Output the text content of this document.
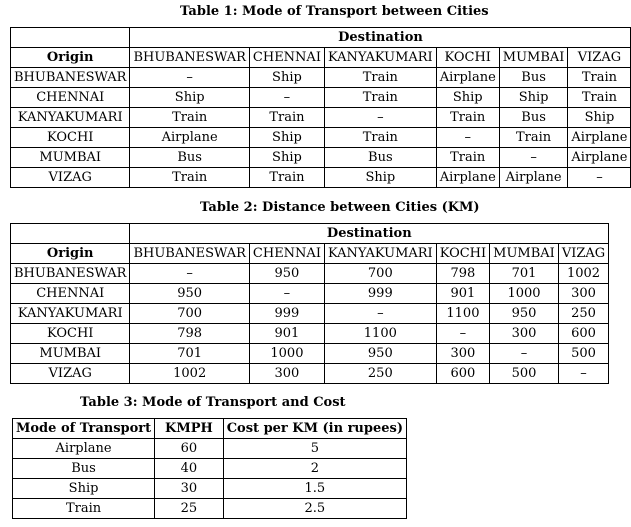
Table 1: Mode of Transport between Cities
	Destination					
Origin	BHUBANESWAR	CHENNAI	KANYAKUMARI	KOCHI	MUMBAI	VIZAG
BHUBANESWAR	–	Ship	Train	Airplane	Bus	Train
CHENNAI	Ship	–	Train	Ship	Ship	Train
KANYAKUMARI	Train	Train	–	Train	Bus	Ship
KOCHI	Airplane	Ship	Train	–	Train	Airplane
MUMBAI	Bus	Ship	Bus	Train	–	Airplane
VIZAG	Train	Train	Ship	Airplane	Airplane	–
Table 2: Distance between Cities (KM)
	Destination					
Origin	BHUBANESWAR	CHENNAI	KANYAKUMARI	KOCHI	MUMBAI	VIZAG
BHUBANESWAR	–	950	700	798	701	1002
CHENNAI	950	–	999	901	1000	300
KANYAKUMARI	700	999	–	1100	950	250
KOCHI	798	901	1100	–	300	600
MUMBAI	701	1000	950	300	–	500
VIZAG	1002	300	250	600	500	–
Table 3: Mode of Transport and Cost
Mode of Transport	KMPH	Cost per KM (in rupees)
Airplane	60	5
Bus	40	2
Ship	30	1.5
Train	25	2.5
